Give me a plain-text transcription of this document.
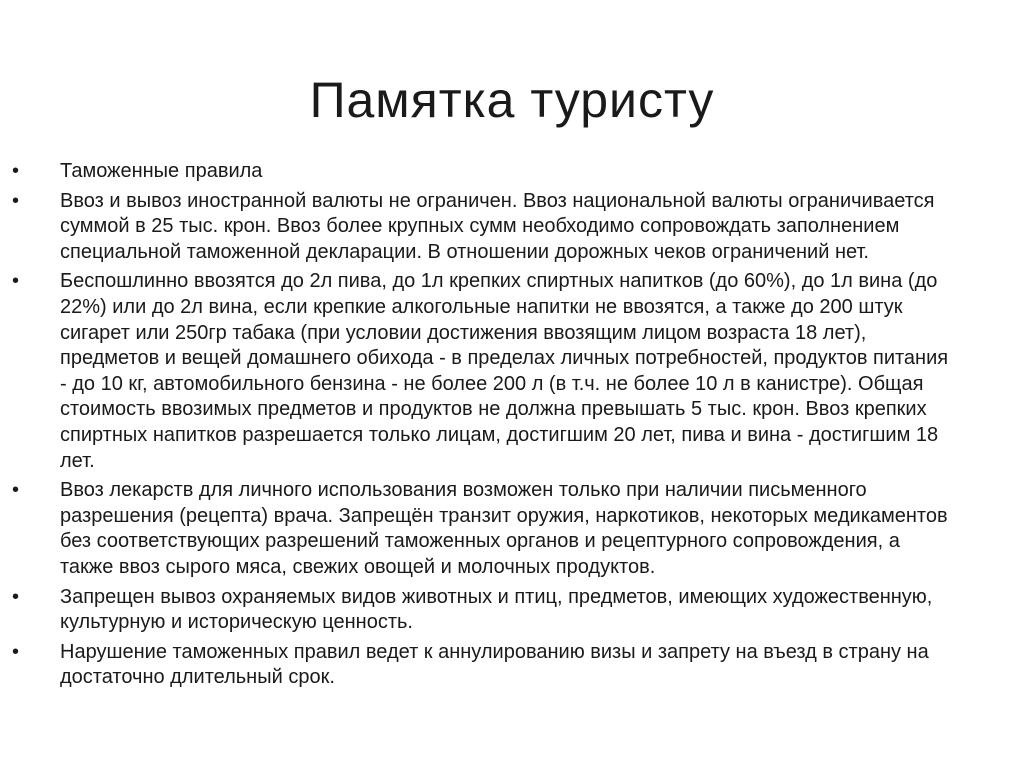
Памятка туристу
• Таможенные правила
• Ввоз и вывоз иностранной валюты не ограничен. Ввоз национальной валюты ограничивается суммой в 25 тыс. крон. Ввоз более крупных сумм необходимо сопровождать заполнением специальной таможенной декларации. В отношении дорожных чеков ограничений нет.
• Беспошлинно ввозятся до 2л пива, до 1л крепких спиртных напитков (до 60%), до 1л вина (до 22%) или до 2л вина, если крепкие алкогольные напитки не ввозятся, а также до 200 штук сигарет или 250гр табака (при условии достижения ввозящим лицом возраста 18 лет), предметов и вещей домашнего обихода - в пределах личных потребностей, продуктов питания - до 10 кг, автомобильного бензина - не более 200 л (в т.ч. не более 10 л в канистре). Общая стоимость ввозимых предметов и продуктов не должна превышать 5 тыс. крон. Ввоз крепких спиртных напитков разрешается только лицам, достигшим 20 лет, пива и вина - достигшим 18 лет.
• Ввоз лекарств для личного использования возможен только при наличии письменного разрешения (рецепта) врача. Запрещён транзит оружия, наркотиков, некоторых медикаментов без соответствующих разрешений таможенных органов и рецептурного сопровождения, а также ввоз сырого мяса, свежих овощей и молочных продуктов.
• Запрещен вывоз охраняемых видов животных и птиц, предметов, имеющих художественную, культурную и историческую ценность.
• Нарушение таможенных правил ведет к аннулированию визы и запрету на въезд в страну на достаточно длительный срок.
